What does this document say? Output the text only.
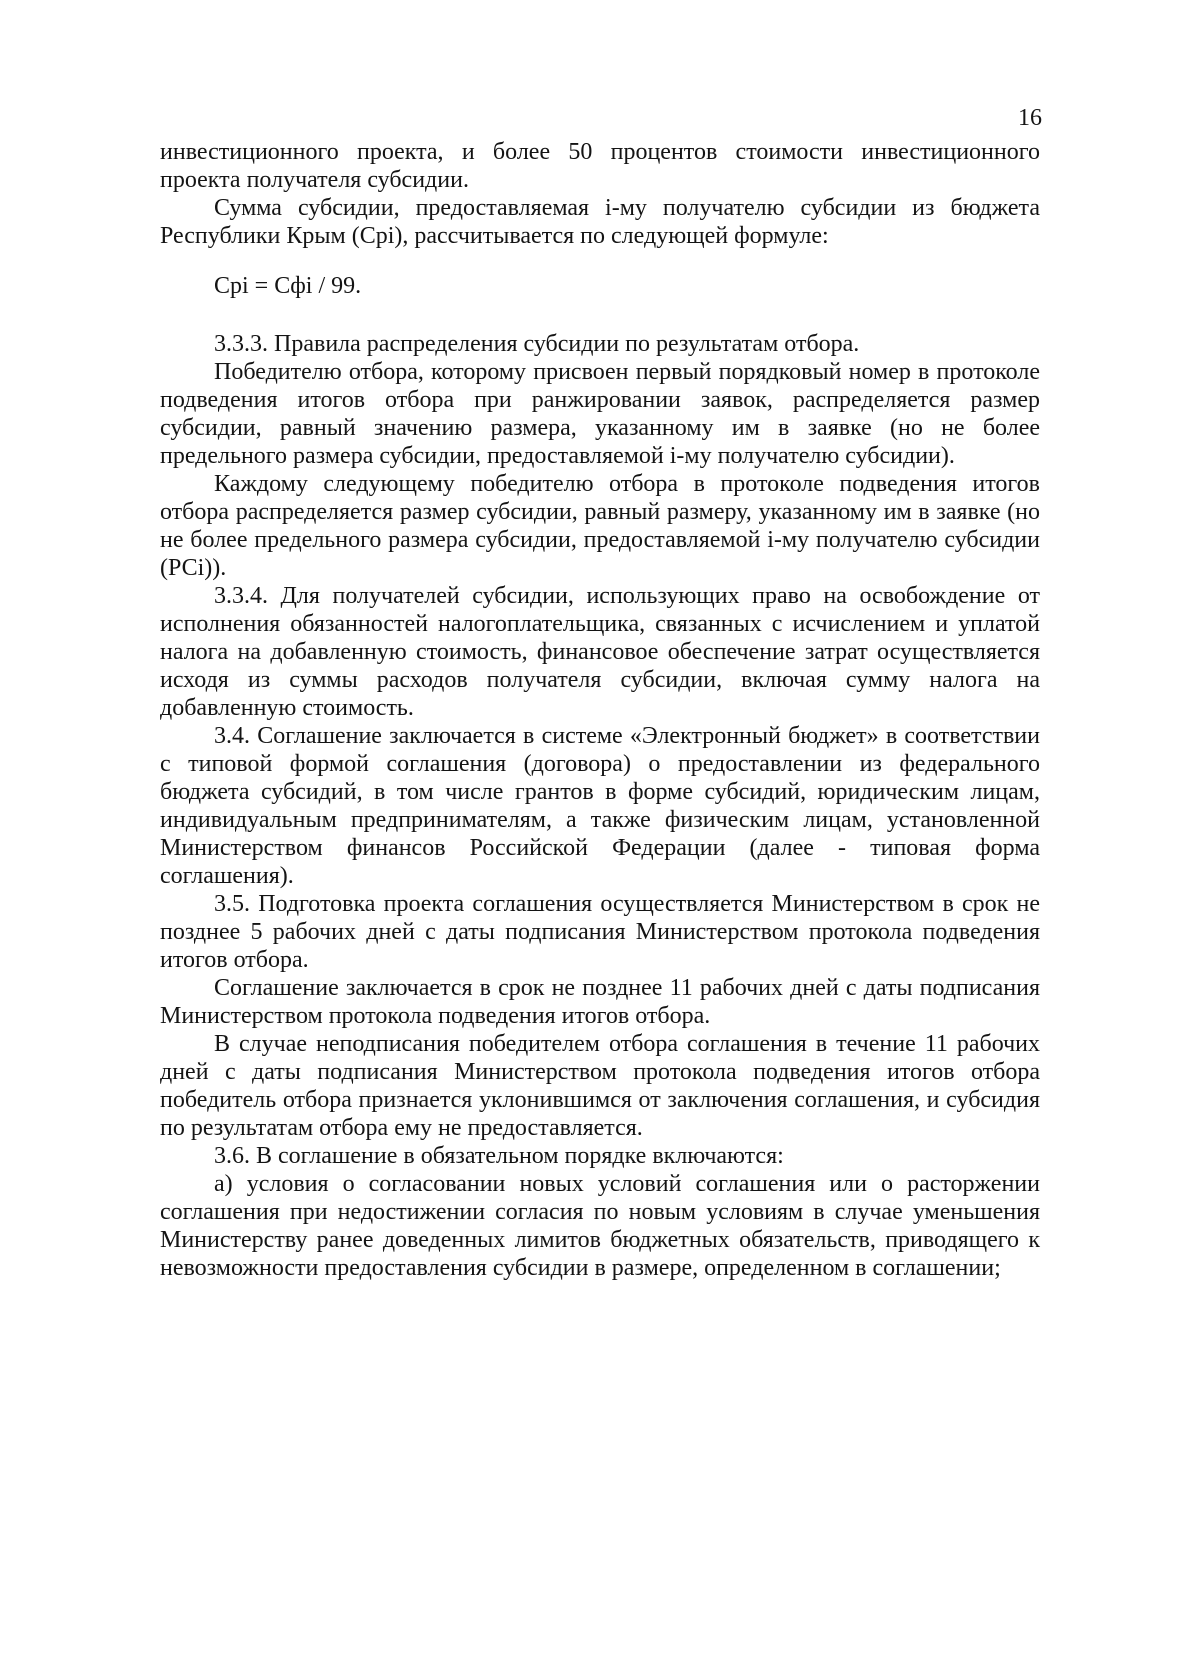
16

инвестиционного проекта, и более 50 процентов стоимости инвестиционного проекта получателя субсидии.

Сумма субсидии, предоставляемая i-му получателю субсидии из бюджета Республики Крым (Срi), рассчитывается по следующей формуле:

Срi = Сфi / 99.

3.3.3. Правила распределения субсидии по результатам отбора.

Победителю отбора, которому присвоен первый порядковый номер в протоколе подведения итогов отбора при ранжировании заявок, распределяется размер субсидии, равный значению размера, указанному им в заявке (но не более предельного размера субсидии, предоставляемой i-му получателю субсидии).

Каждому следующему победителю отбора в протоколе подведения итогов отбора распределяется размер субсидии, равный размеру, указанному им в заявке (но не более предельного размера субсидии, предоставляемой i-му получателю субсидии (РСi)).

3.3.4. Для получателей субсидии, использующих право на освобождение от исполнения обязанностей налогоплательщика, связанных с исчислением и уплатой налога на добавленную стоимость, финансовое обеспечение затрат осуществляется исходя из суммы расходов получателя субсидии, включая сумму налога на добавленную стоимость.

3.4. Соглашение заключается в системе «Электронный бюджет» в соответствии с типовой формой соглашения (договора) о предоставлении из федерального бюджета субсидий, в том числе грантов в форме субсидий, юридическим лицам, индивидуальным предпринимателям, а также физическим лицам, установленной Министерством финансов Российской Федерации (далее - типовая форма соглашения).

3.5. Подготовка проекта соглашения осуществляется Министерством в срок не позднее 5 рабочих дней с даты подписания Министерством протокола подведения итогов отбора.

Соглашение заключается в срок не позднее 11 рабочих дней с даты подписания Министерством протокола подведения итогов отбора.

В случае неподписания победителем отбора соглашения в течение 11 рабочих дней с даты подписания Министерством протокола подведения итогов отбора победитель отбора признается уклонившимся от заключения соглашения, и субсидия по результатам отбора ему не предоставляется.

3.6. В соглашение в обязательном порядке включаются:

а) условия о согласовании новых условий соглашения или о расторжении соглашения при недостижении согласия по новым условиям в случае уменьшения Министерству ранее доведенных лимитов бюджетных обязательств, приводящего к невозможности предоставления субсидии в размере, определенном в соглашении;
